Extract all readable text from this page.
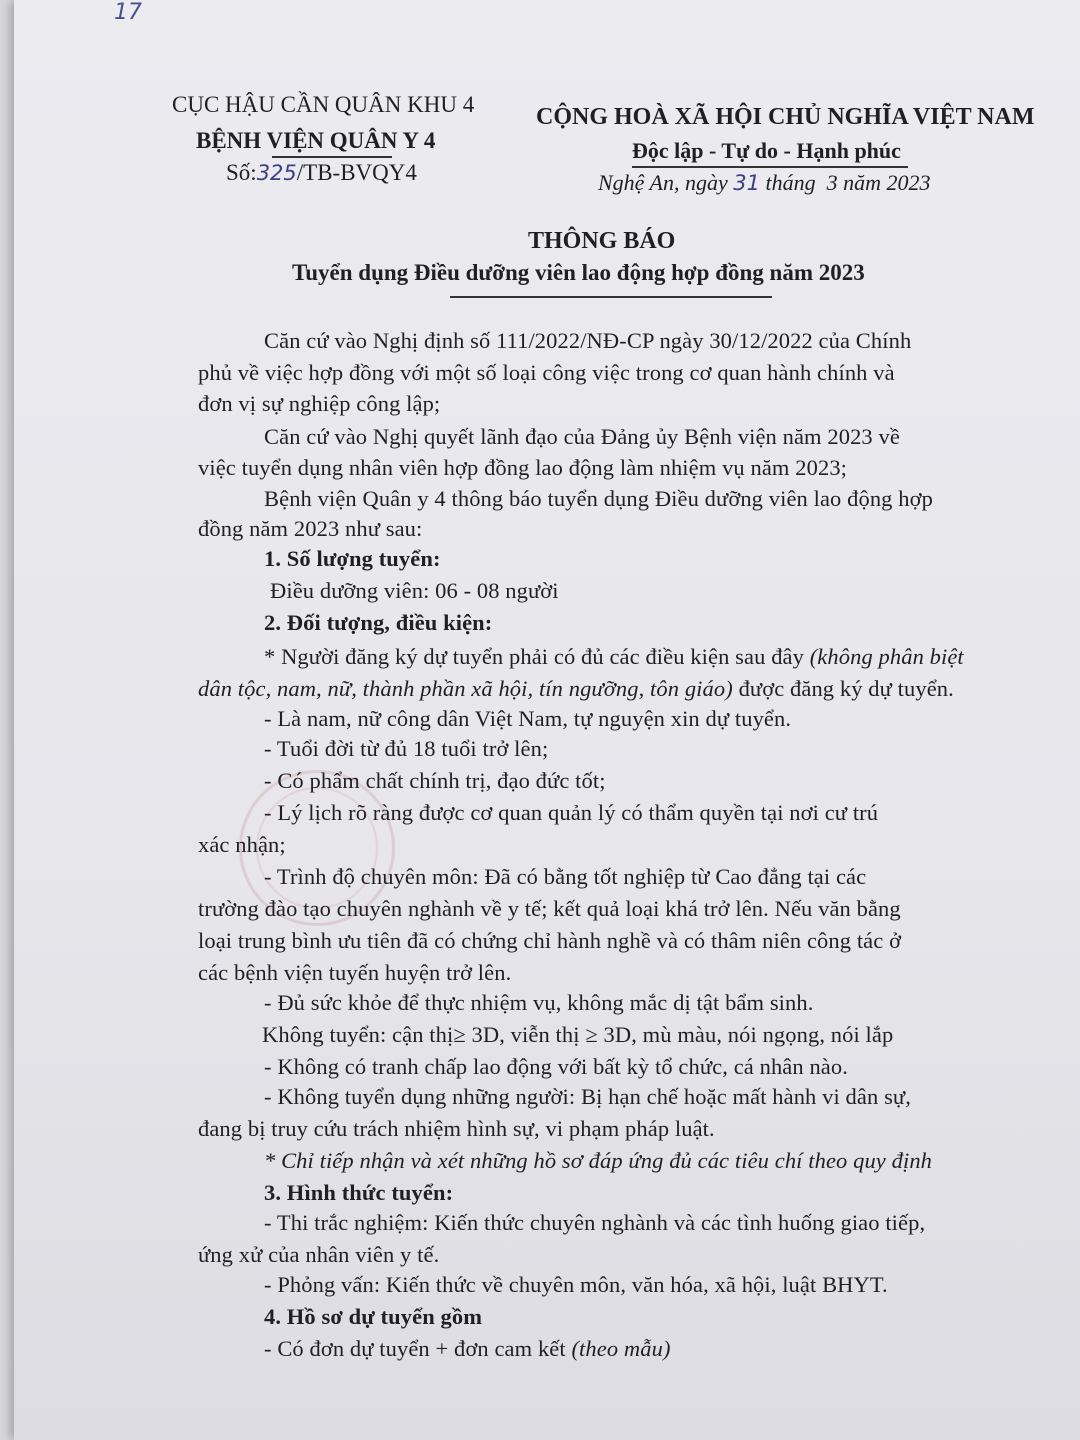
17
CỤC HẬU CẦN QUÂN KHU 4
BỆNH VIỆN QUÂN Y 4
Số:325/TB-BVQY4
CỘNG HOÀ XÃ HỘI CHỦ NGHĨA VIỆT NAM
Độc lập - Tự do - Hạnh phúc
Nghệ An, ngày 31 tháng 3 năm 2023
THÔNG BÁO
Tuyển dụng Điều dưỡng viên lao động hợp đồng năm 2023
Căn cứ vào Nghị định số 111/2022/NĐ-CP ngày 30/12/2022 của Chính
phủ về việc hợp đồng với một số loại công việc trong cơ quan hành chính và
đơn vị sự nghiệp công lập;
Căn cứ vào Nghị quyết lãnh đạo của Đảng ủy Bệnh viện năm 2023 về
việc tuyển dụng nhân viên hợp đồng lao động làm nhiệm vụ năm 2023;
Bệnh viện Quân y 4 thông báo tuyển dụng Điều dưỡng viên lao động hợp
đồng năm 2023 như sau:
1. Số lượng tuyển:
Điều dưỡng viên: 06 - 08 người
2. Đối tượng, điều kiện:
* Người đăng ký dự tuyển phải có đủ các điều kiện sau đây (không phân biệt
dân tộc, nam, nữ, thành phần xã hội, tín ngưỡng, tôn giáo) được đăng ký dự tuyển.
- Là nam, nữ công dân Việt Nam, tự nguyện xin dự tuyển.
- Tuổi đời từ đủ 18 tuổi trở lên;
- Có phẩm chất chính trị, đạo đức tốt;
- Lý lịch rõ ràng được cơ quan quản lý có thẩm quyền tại nơi cư trú
xác nhận;
- Trình độ chuyên môn: Đã có bằng tốt nghiệp từ Cao đẳng tại các
trường đào tạo chuyên nghành về y tế; kết quả loại khá trở lên. Nếu văn bằng
loại trung bình ưu tiên đã có chứng chỉ hành nghề và có thâm niên công tác ở
các bệnh viện tuyến huyện trở lên.
- Đủ sức khỏe để thực nhiệm vụ, không mắc dị tật bẩm sinh.
Không tuyển: cận thị≥ 3D, viễn thị ≥ 3D, mù màu, nói ngọng, nói lắp
- Không có tranh chấp lao động với bất kỳ tổ chức, cá nhân nào.
- Không tuyển dụng những người: Bị hạn chế hoặc mất hành vi dân sự,
đang bị truy cứu trách nhiệm hình sự, vi phạm pháp luật.
* Chỉ tiếp nhận và xét những hồ sơ đáp ứng đủ các tiêu chí theo quy định
3. Hình thức tuyển:
- Thi trắc nghiệm: Kiến thức chuyên nghành và các tình huống giao tiếp,
ứng xử của nhân viên y tế.
- Phỏng vấn: Kiến thức về chuyên môn, văn hóa, xã hội, luật BHYT.
4. Hồ sơ dự tuyển gồm
- Có đơn dự tuyển + đơn cam kết (theo mẫu)
